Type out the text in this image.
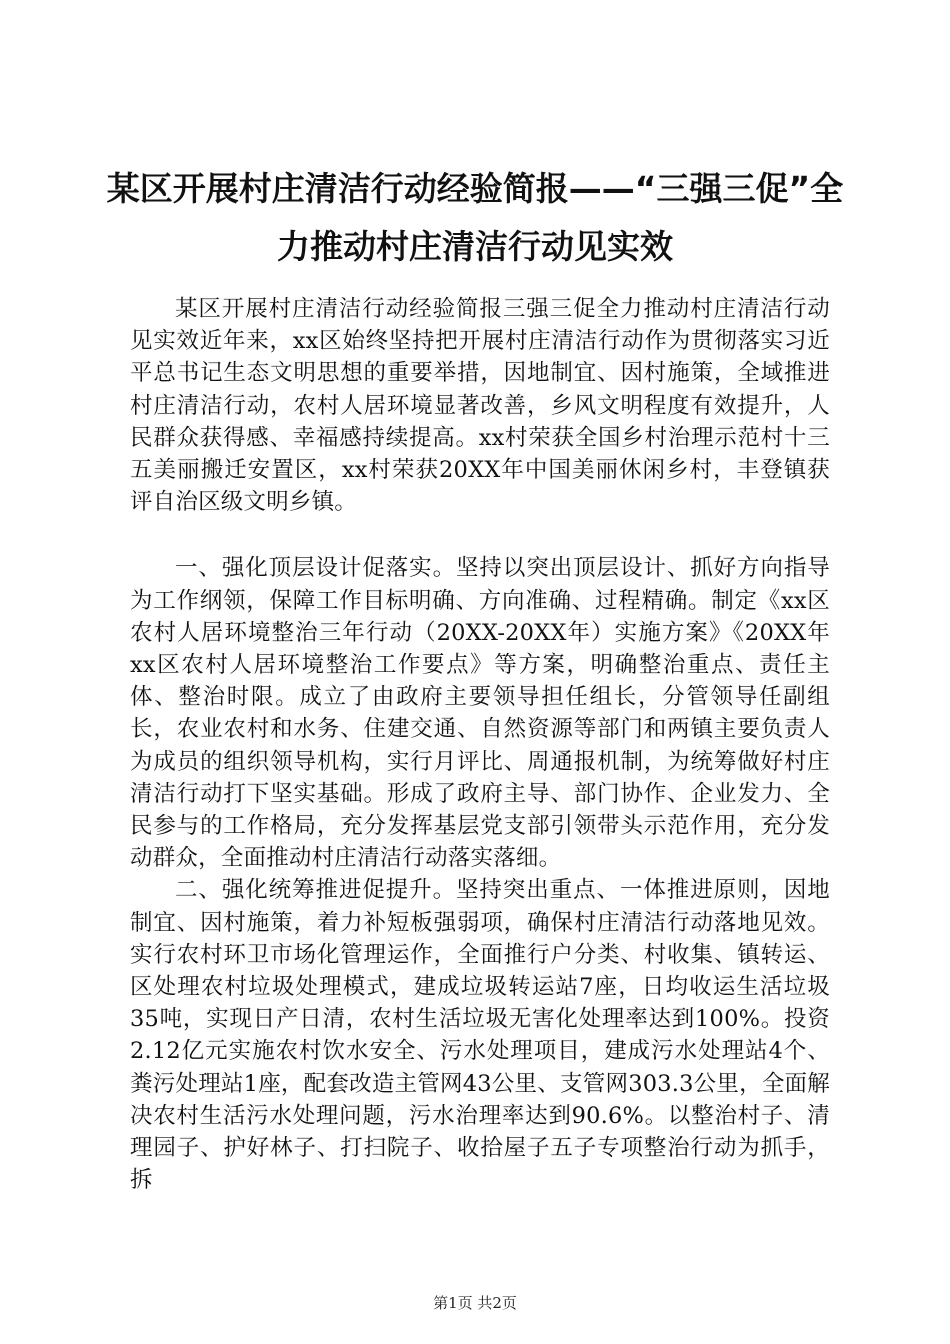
某区开展村庄清洁行动经验简报——“三强三促”全力推动村庄清洁行动见实效

某区开展村庄清洁行动经验简报三强三促全力推动村庄清洁行动见实效近年来，xx区始终坚持把开展村庄清洁行动作为贯彻落实习近平总书记生态文明思想的重要举措，因地制宜、因村施策，全域推进村庄清洁行动，农村人居环境显著改善，乡风文明程度有效提升，人民群众获得感、幸福感持续提高。xx村荣获全国乡村治理示范村十三五美丽搬迁安置区，xx村荣获20XX年中国美丽休闲乡村，丰登镇获评自治区级文明乡镇。

一、强化顶层设计促落实。坚持以突出顶层设计、抓好方向指导为工作纲领，保障工作目标明确、方向准确、过程精确。制定《xx区农村人居环境整治三年行动（20XX-20XX年）实施方案》《20XX年xx区农村人居环境整治工作要点》等方案，明确整治重点、责任主体、整治时限。成立了由政府主要领导担任组长，分管领导任副组长，农业农村和水务、住建交通、自然资源等部门和两镇主要负责人为成员的组织领导机构，实行月评比、周通报机制，为统筹做好村庄清洁行动打下坚实基础。形成了政府主导、部门协作、企业发力、全民参与的工作格局，充分发挥基层党支部引领带头示范作用，充分发动群众，全面推动村庄清洁行动落实落细。

二、强化统筹推进促提升。坚持突出重点、一体推进原则，因地制宜、因村施策，着力补短板强弱项，确保村庄清洁行动落地见效。实行农村环卫市场化管理运作，全面推行户分类、村收集、镇转运、区处理农村垃圾处理模式，建成垃圾转运站7座，日均收运生活垃圾35吨，实现日产日清，农村生活垃圾无害化处理率达到100%。投资2.12亿元实施农村饮水安全、污水处理项目，建成污水处理站4个、粪污处理站1座，配套改造主管网43公里、支管网303.3公里，全面解决农村生活污水处理问题，污水治理率达到90.6%。以整治村子、清理园子、护好林子、打扫院子、收拾屋子五子专项整治行动为抓手，拆

第1页 共2页
